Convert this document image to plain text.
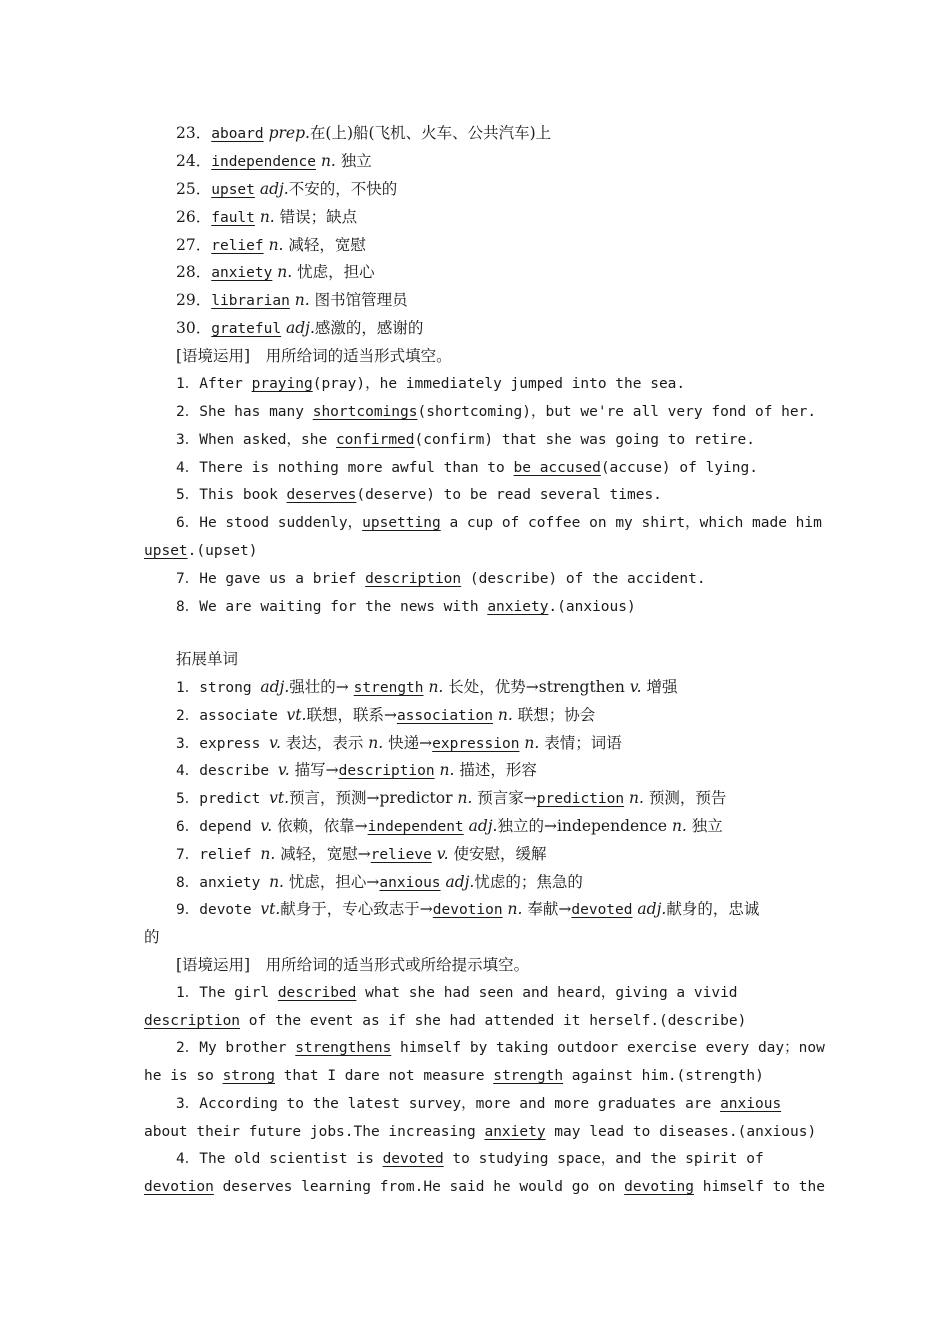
23．aboard prep.在(上)船(飞机、火车、公共汽车)上
24．independence n. 独立
25．upset adj.不安的，不快的
26．fault n. 错误；缺点
27．relief n. 减轻，宽慰
28．anxiety n. 忧虑，担心
29．librarian n. 图书馆管理员
30．grateful adj.感激的，感谢的
[语境运用]　用所给词的适当形式填空。
1．After praying(pray)，he immediately jumped into the sea.
2．She has many shortcomings(shortcoming)，but we're all very fond of her.
3．When asked，she confirmed(confirm) that she was going to retire.
4．There is nothing more awful than to be accused(accuse) of lying.
5．This book deserves(deserve) to be read several times.
6．He stood suddenly，upsetting a cup of coffee on my shirt，which made him
upset.(upset)
7．He gave us a brief description (describe) of the accident.
8．We are waiting for the news with anxiety.(anxious)
拓展单词
1．strong adj.强壮的→ strength n. 长处，优势→strengthen v. 增强
2．associate vt.联想，联系→association n. 联想；协会
3．express v. 表达，表示 n. 快递→expression n. 表情；词语
4．describe v. 描写→description n. 描述，形容
5．predict vt.预言，预测→predictor n. 预言家→prediction n. 预测，预告
6．depend v. 依赖，依靠→independent adj.独立的→independence n. 独立
7．relief n. 减轻，宽慰→relieve v. 使安慰，缓解
8．anxiety n. 忧虑，担心→anxious adj.忧虑的；焦急的
9．devote vt.献身于，专心致志于→devotion n. 奉献→devoted adj.献身的，忠诚
的
[语境运用]　用所给词的适当形式或所给提示填空。
1．The girl described what she had seen and heard，giving a vivid
description of the event as if she had attended it herself.(describe)
2．My brother strengthens himself by taking outdoor exercise every day；now
he is so strong that I dare not measure strength against him.(strength)
3．According to the latest survey，more and more graduates are anxious
about their future jobs.The increasing anxiety may lead to diseases.(anxious)
4．The old scientist is devoted to studying space，and the spirit of
devotion deserves learning from.He said he would go on devoting himself to the
